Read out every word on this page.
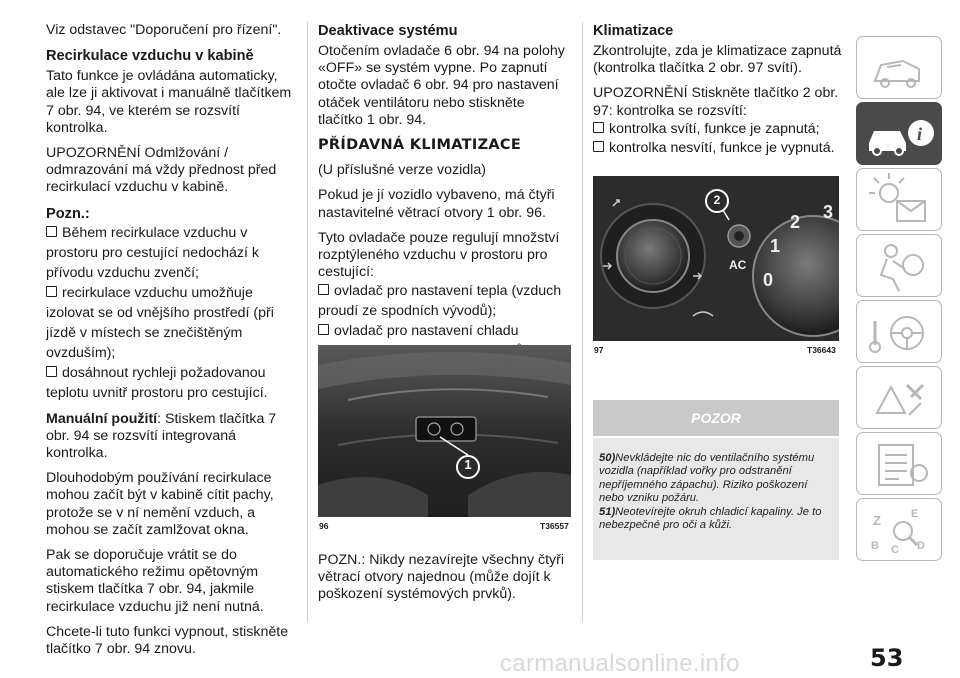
Viz odstavec "Doporučení pro řízení".

Recirkulace vzduchu v kabině

Tato funkce je ovládána automaticky, ale lze ji aktivovat i manuálně tlačítkem 7 obr. 94, ve kterém se rozsvítí kontrolka.

UPOZORNĚNÍ Odmlžování / odmrazování má vždy přednost před recirkulací vzduchu v kabině.

Pozn.:

Během recirkulace vzduchu v prostoru pro cestující nedochází k přívodu vzduchu zvenčí;
recirkulace vzduchu umožňuje izolovat se od vnějšího prostředí (při jízdě v místech se znečištěným ovzduším);
dosáhnout rychleji požadovanou teplotu uvnitř prostoru pro cestující.

Manuální použití: Stiskem tlačítka 7 obr. 94 se rozsvítí integrovaná kontrolka.

Dlouhodobým používání recirkulace mohou začít být v kabině cítit pachy, protože se v ní nemění vzduch, a mohou se začít zamlžovat okna.

Pak se doporučuje vrátit se do automatického režimu opětovným stiskem tlačítka 7 obr. 94, jakmile recirkulace vzduchu již není nutná.

Chcete-li tuto funkci vypnout, stiskněte tlačítko 7 obr. 94 znovu.

Deaktivace systému

Otočením ovladače 6 obr. 94 na polohy «OFF» se systém vypne. Po zapnutí otočte ovladač 6 obr. 94 pro nastavení otáček ventilátoru nebo stiskněte tlačítko 1 obr. 94.

PŘÍDAVNÁ KLIMATIZACE

(U příslušné verze vozidla)

Pokud je jí vozidlo vybaveno, má čtyři nastavitelné větrací otvory 1 obr. 96.

Tyto ovladače pouze regulují množství rozptýleného vzduchu v prostoru pro cestující:

ovladač pro nastavení tepla (vzduch proudí ze spodních vývodů);
ovladač pro nastavení chladu

1
96	T36557

POZN.: Nikdy nezavírejte všechny čtyři větrací otvory najednou (může dojít k poškození systémových prvků).

Klimatizace

Zkontrolujte, zda je klimatizace zapnutá (kontrolka tlačítka 2 obr. 97 svítí).

UPOZORNĚNÍ Stiskněte tlačítko 2 obr. 97: kontrolka se rozsvítí:

kontrolka svítí, funkce je zapnutá;
kontrolka nesvítí, funkce je vypnutá.

2
AC
2 3
1
0
97	T36643
POZOR
50)Nevkládejte nic do ventilačního systému vozidla (například vořky pro odstranění nepříjemného zápachu). Riziko poškození nebo vzniku požáru.
51)Neotevírejte okruh chladicí kapaliny. Je to nebezpečné pro oči a kůži.
i
Z	E
B C D
53
carmanualsonline.info
